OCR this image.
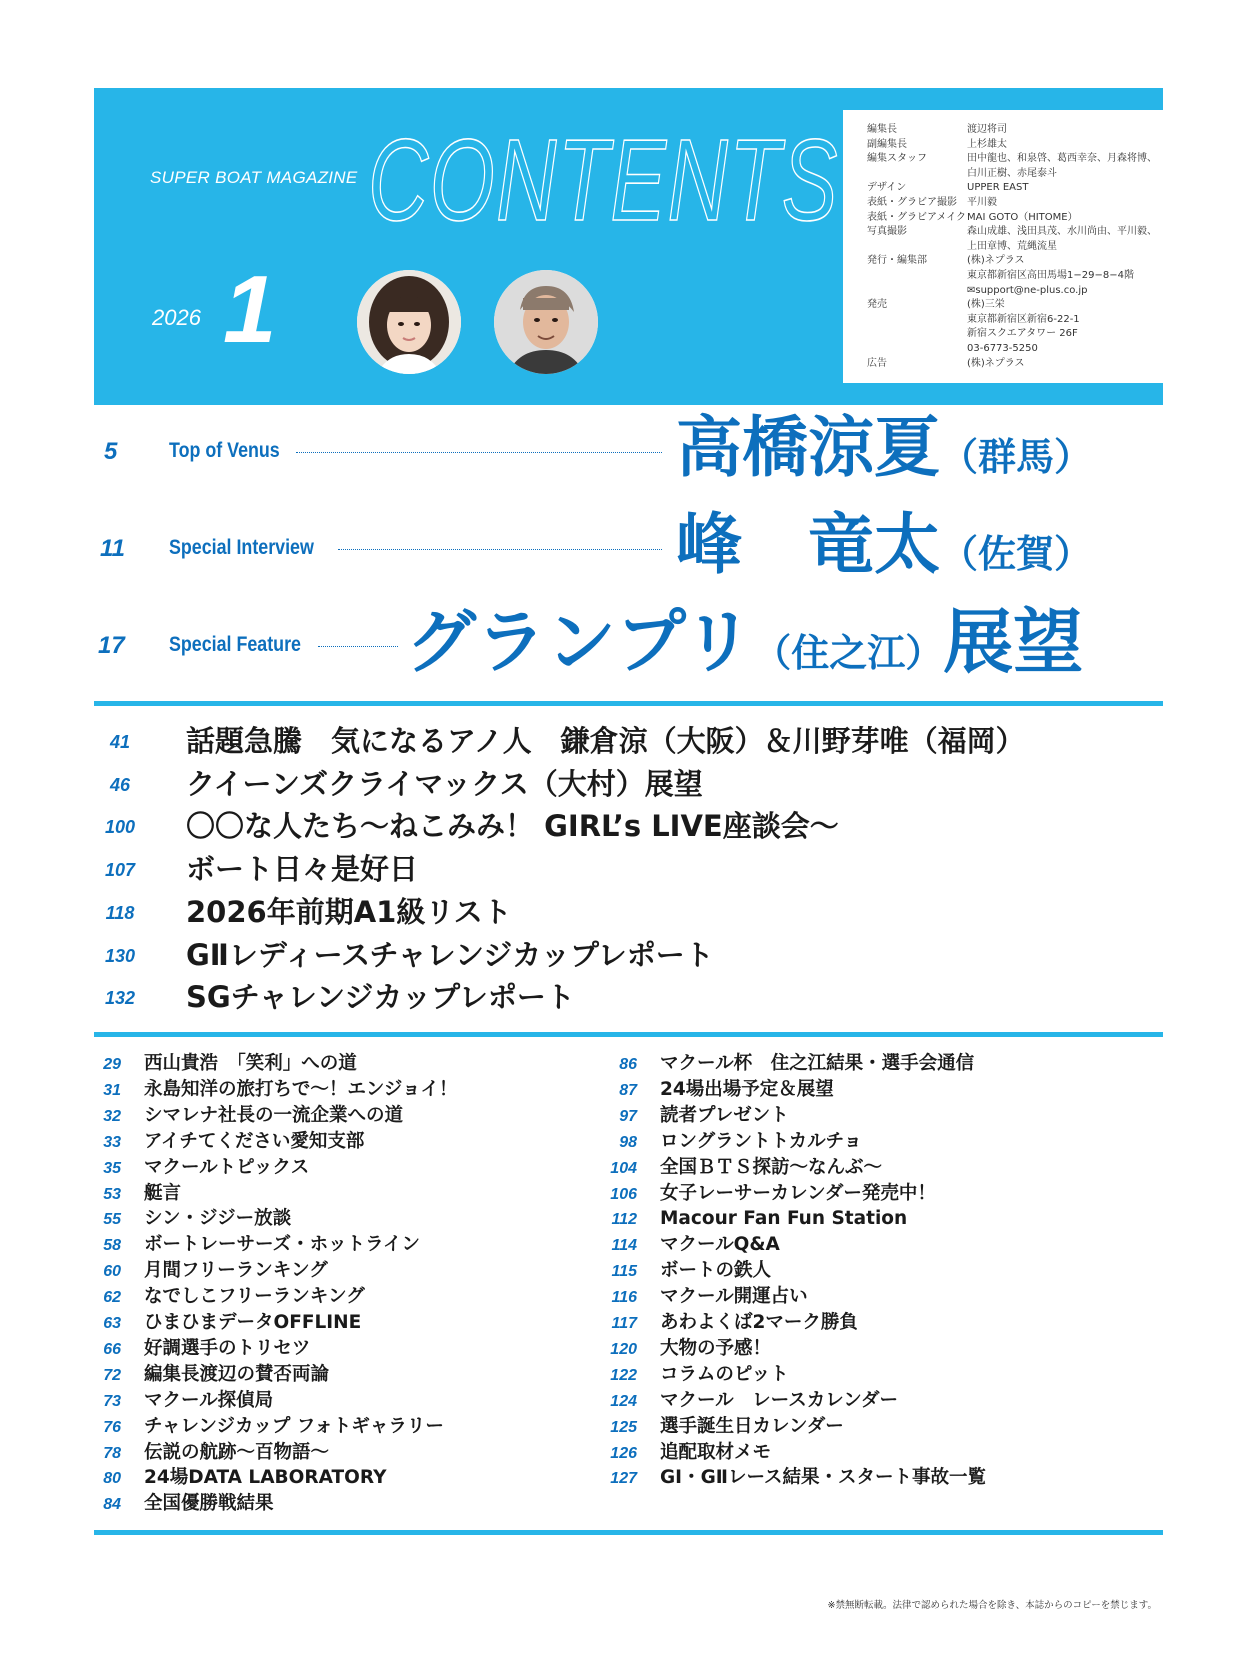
SUPER BOAT MAGAZINE CONTENTS
2026 1
編集長	渡辺将司
副編集長	上杉雄太
編集スタッフ	田中龍也、和泉啓、葛西幸奈、月森将博、
白川正樹、赤尾泰斗
デザイン	UPPER EAST
表紙・グラビア撮影 平川毅
表紙・グラビアメイク MAI GOTO（HITOME）
写真撮影	森山成雄、浅田具茂、水川尚由、平川毅、
上田章博、荒縄流星
発行・編集部	(株)ネプラス
東京都新宿区高田馬場1−29−8−4階
✉support@ne-plus.co.jp
発売	(株)三栄
東京都新宿区新宿6-22-1
新宿スクエアタワー 26F
03-6773-5250
広告	(株)ネプラス
5 Top of Venus	高橋涼夏（群馬）
11 Special Interview	峰　竜太（佐賀）
17 Special Feature グランプリ（住之江）展望
41	話題急騰　気になるアノ人　鎌倉涼（大阪）＆川野芽唯（福岡）
46	クイーンズクライマックス（大村）展望
100	〇〇な人たち～ねこみみ！ GIRL’s LIVE座談会～
107	ボート日々是好日
118	2026年前期A1級リスト
130	GⅡレディースチャレンジカップレポート
132	SGチャレンジカップレポート
29 西山貴浩　「笑利」への道
31 永島知洋の旅打ちで～！エンジョイ！
32 シマレナ社長の一流企業への道
33 アイチてください愛知支部
35 マクールトピックス
53 艇言
55 シン・ジジー放談
58 ボートレーサーズ・ホットライン
60 月間フリーランキング
62 なでしこフリーランキング
63 ひまひまデータOFFLINE
66 好調選手のトリセツ
72 編集長渡辺の賛否両論
73 マクール探偵局
76 チャレンジカップ フォトギャラリー
78 伝説の航跡～百物語～
80 24場DATA LABORATORY
84 全国優勝戦結果
86 マクール杯　住之江結果・選手会通信
87 24場出場予定＆展望
97 読者プレゼント
98 ロングラントトカルチョ
104 全国ＢＴＳ探訪～なんぶ～
106 女子レーサーカレンダー発売中！
112 Macour Fan Fun Station
114 マクールQ&A
115 ボートの鉄人
116 マクール開運占い
117 あわよくば2マーク勝負
120 大物の予感！
122 コラムのピット
124 マクール　レースカレンダー
125 選手誕生日カレンダー
126 追配取材メモ
127 GI・GⅡレース結果・スタート事故一覧
※禁無断転載。法律で認められた場合を除き、本誌からのコピーを禁じます。
